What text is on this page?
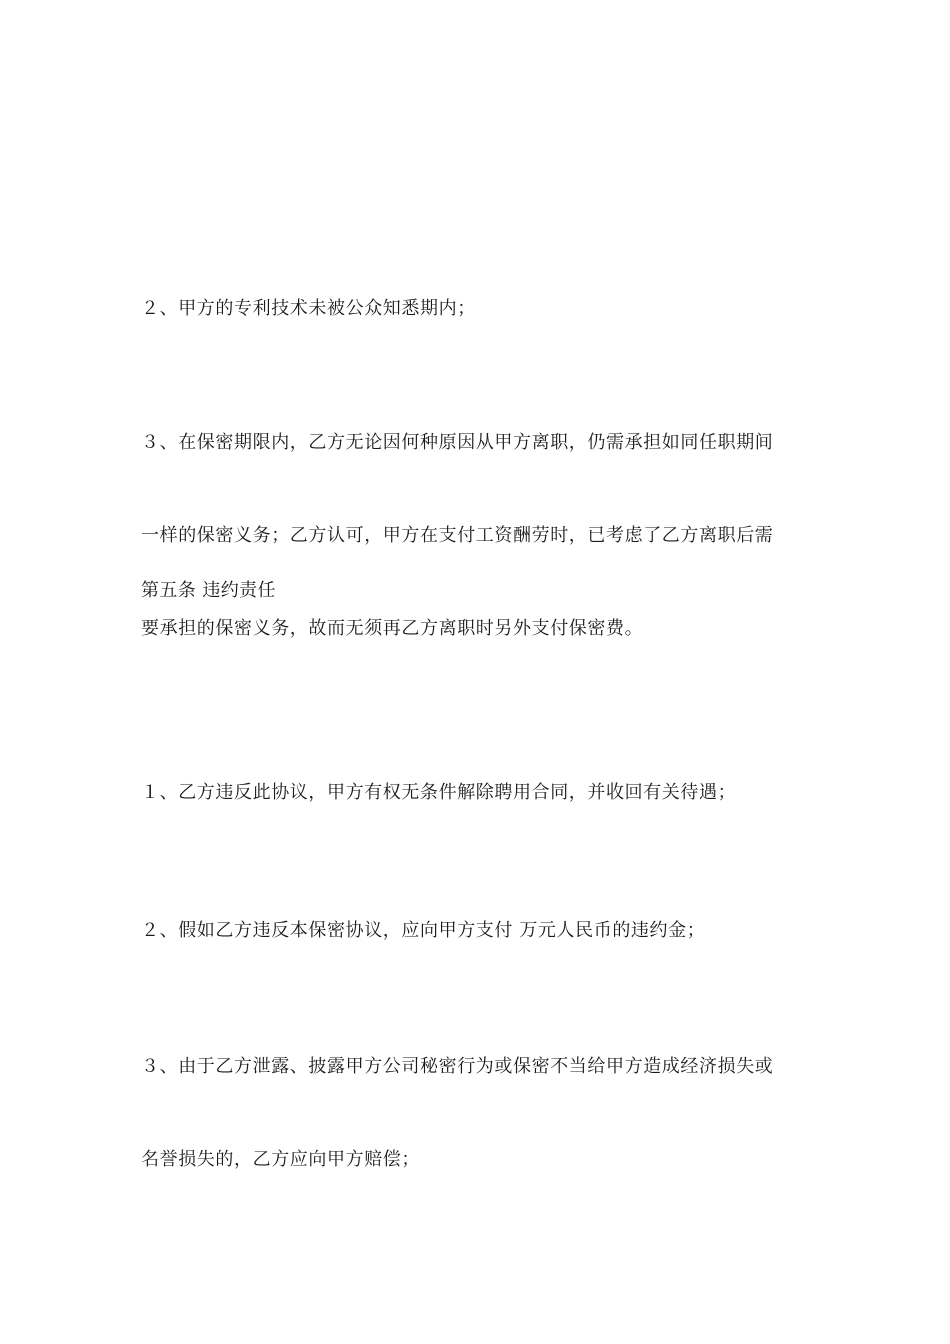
２、甲方的专利技术未被公众知悉期内；

３、在保密期限内，乙方无论因何种原因从甲方离职，仍需承担如同任职期间

一样的保密义务；乙方认可，甲方在支付工资酬劳时，已考虑了乙方离职后需

要承担的保密义务，故而无须再乙方离职时另外支付保密费。

第五条 违约责任

１、乙方违反此协议，甲方有权无条件解除聘用合同，并收回有关待遇；

２、假如乙方违反本保密协议，应向甲方支付 万元人民币的违约金；

３、由于乙方泄露、披露甲方公司秘密行为或保密不当给甲方造成经济损失或

名誉损失的，乙方应向甲方赔偿；
